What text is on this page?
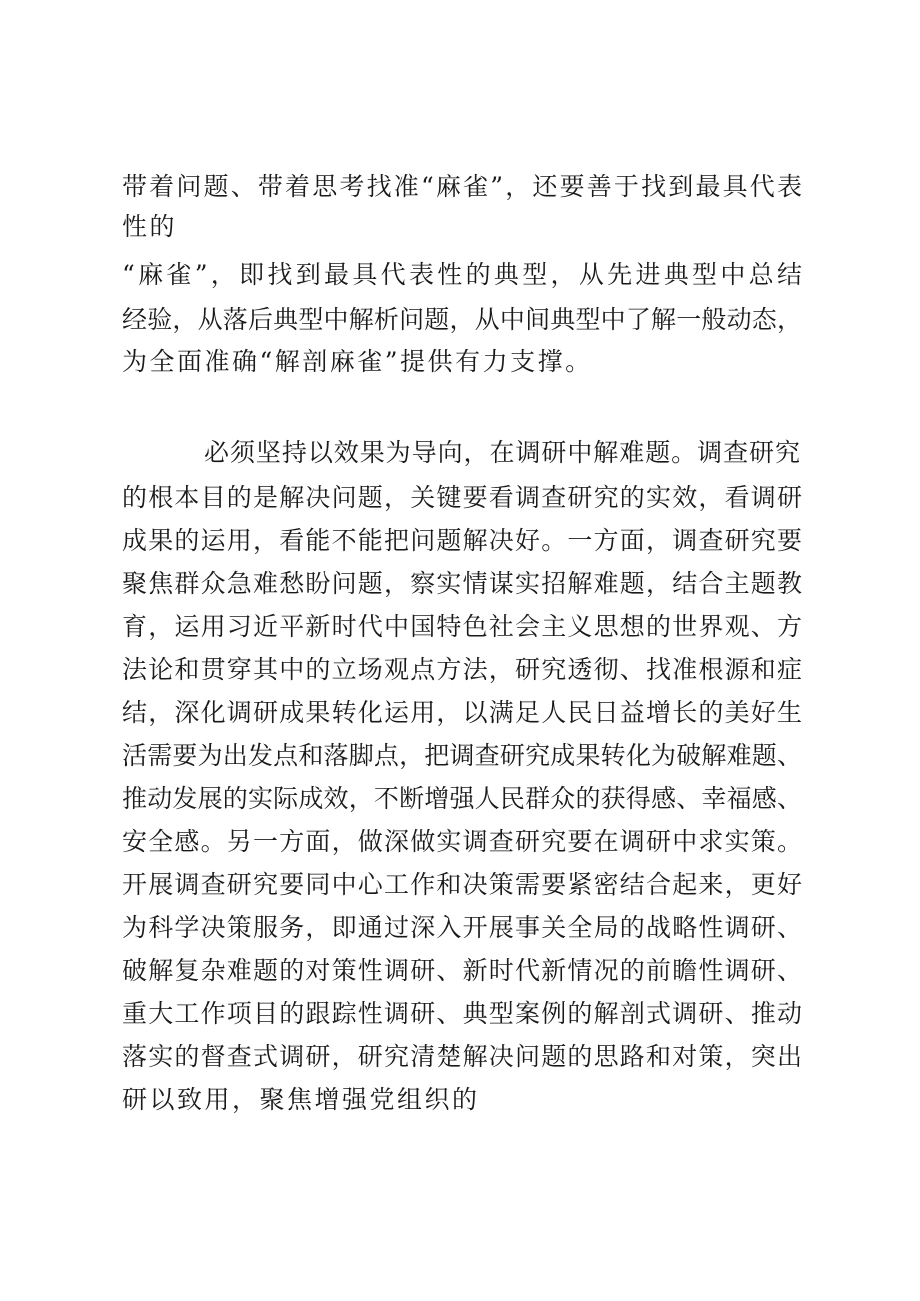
带着问题、带着思考找准“麻雀”，还要善于找到最具代表

性的

“麻雀”，即找到最具代表性的典型，从先进典型中总结

经验，从落后典型中解析问题，从中间典型中了解一般动态，

为全面准确“解剖麻雀”提供有力支撑。

必须坚持以效果为导向，在调研中解难题。调查研究

的根本目的是解决问题，关键要看调查研究的实效，看调研

成果的运用，看能不能把问题解决好。一方面，调查研究要

聚焦群众急难愁盼问题，察实情谋实招解难题，结合主题教

育，运用习近平新时代中国特色社会主义思想的世界观、方

法论和贯穿其中的立场观点方法，研究透彻、找准根源和症

结，深化调研成果转化运用，以满足人民日益增长的美好生

活需要为出发点和落脚点，把调查研究成果转化为破解难题、

推动发展的实际成效，不断增强人民群众的获得感、幸福感、

安全感。另一方面，做深做实调查研究要在调研中求实策。

开展调查研究要同中心工作和决策需要紧密结合起来，更好

为科学决策服务，即通过深入开展事关全局的战略性调研、

破解复杂难题的对策性调研、新时代新情况的前瞻性调研、

重大工作项目的跟踪性调研、典型案例的解剖式调研、推动

落实的督查式调研，研究清楚解决问题的思路和对策，突出

研以致用，聚焦增强党组织的
